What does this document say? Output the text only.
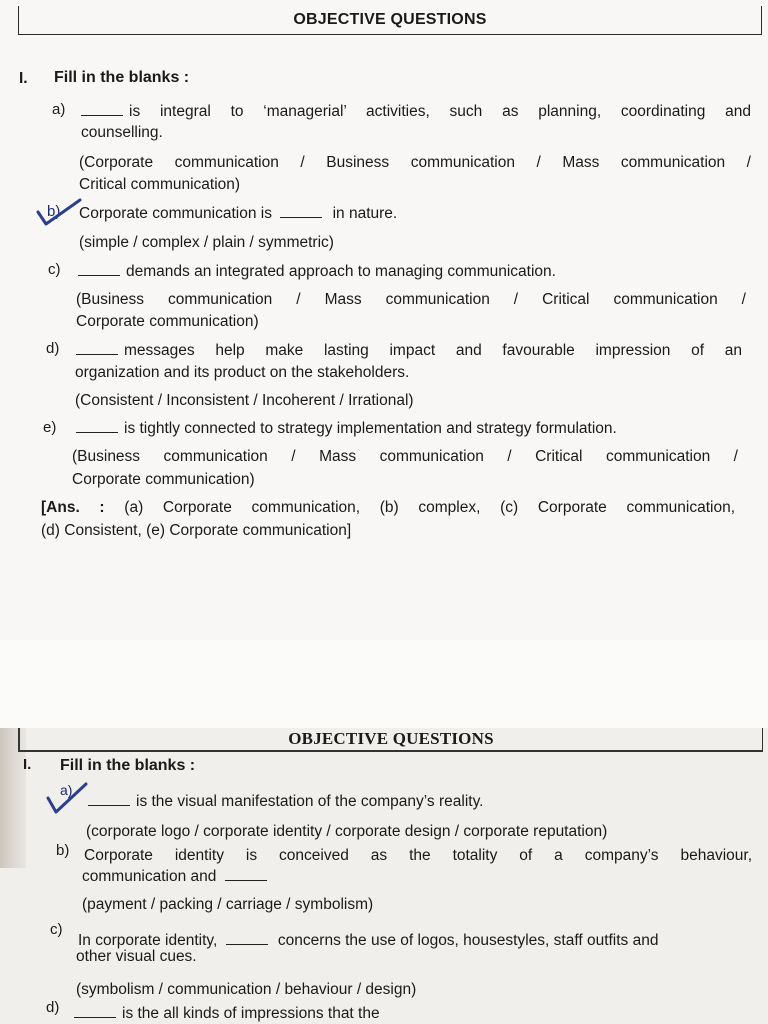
OBJECTIVE QUESTIONS
I. Fill in the blanks :
a)	is integral to ‘managerial’ activities, such as planning, coordinating and
counselling.
(Corporate communication / Business communication / Mass communication /
Critical communication)
b) Corporate communication is	in nature.
(simple / complex / plain / symmetric)
c)	demands an integrated approach to managing communication.
(Business communication / Mass communication / Critical communication /
Corporate communication)
d)	messages help make lasting impact and favourable impression of an
organization and its product on the stakeholders.
(Consistent / Inconsistent / Incoherent / Irrational)
e)	is tightly connected to strategy implementation and strategy formulation.
(Business communication / Mass communication / Critical communication /
Corporate communication)
[Ans. : (a) Corporate communication, (b) complex, (c) Corporate communication,
(d) Consistent, (e) Corporate communication]
OBJECTIVE QUESTIONS
I. Fill in the blanks :
a)
is the visual manifestation of the company’s reality.
(corporate logo / corporate identity / corporate design / corporate reputation)
b) Corporate identity is conceived as the totality of a company’s behaviour,
communication and
(payment / packing / carriage / symbolism)
c)
In corporate identity,	concerns the use of logos, housestyles, staff outfits and
other visual cues.
(symbolism / communication / behaviour / design)
d)	is the all kinds of impressions that the
